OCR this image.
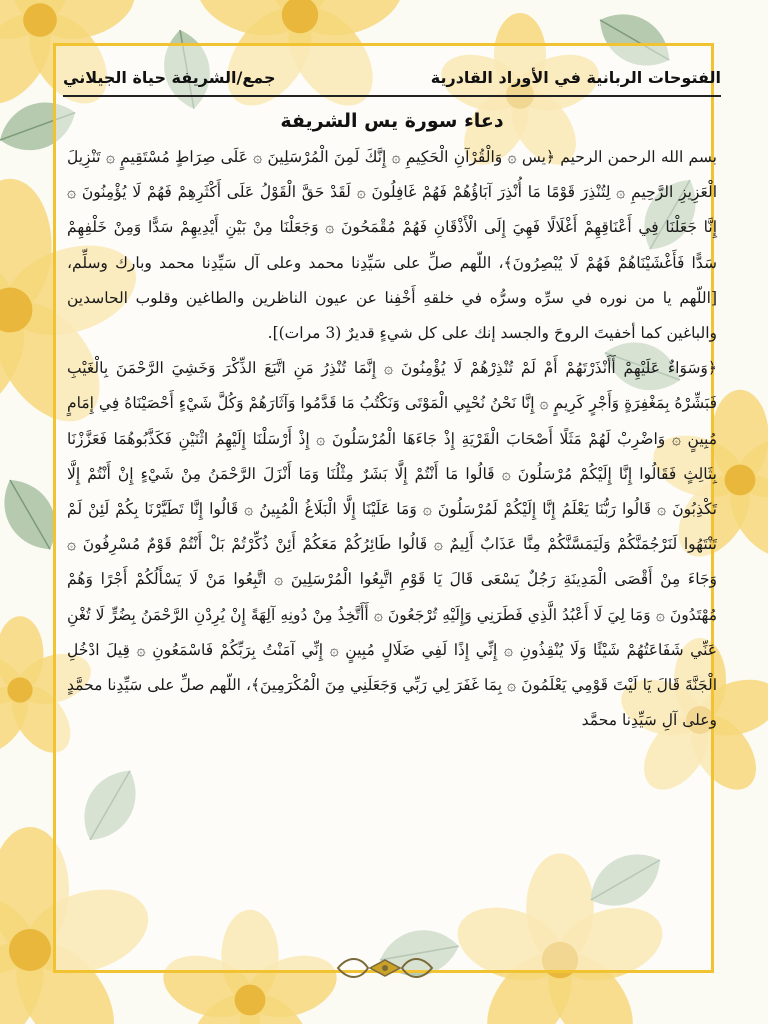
الفتوحات الربانية في الأوراد القادرية
جمع/الشريفة حياة الجيلاني
دعاء سورة يس الشريفة

بسم الله الرحمن الرحيم ﴿يس ۞ وَالْقُرْآنِ الْحَكِيمِ ۞ إِنَّكَ لَمِنَ الْمُرْسَلِينَ ۞ عَلَى صِرَاطٍ مُسْتَقِيمٍ ۞ تَنْزِيلَ الْعَزِيزِ الرَّحِيمِ ۞ لِتُنْذِرَ قَوْمًا مَا أُنْذِرَ آبَاؤُهُمْ فَهُمْ غَافِلُونَ ۞ لَقَدْ حَقَّ الْقَوْلُ عَلَى أَكْثَرِهِمْ فَهُمْ لَا يُؤْمِنُونَ ۞ إِنَّا جَعَلْنَا فِي أَعْنَاقِهِمْ أَغْلَالًا فَهِيَ إِلَى الْأَذْقَانِ فَهُمْ مُقْمَحُونَ ۞ وَجَعَلْنَا مِنْ بَيْنِ أَيْدِيهِمْ سَدًّا وَمِنْ خَلْفِهِمْ سَدًّا فَأَغْشَيْنَاهُمْ فَهُمْ لَا يُبْصِرُونَ﴾، اللّهم صلِّ على سَيِّدِنا محمد وعلى آل سَيِّدِنا محمد وبارك وسلِّم، [اللّهم يا من نوره في سرِّه وسرُّه في خلقهِ أَخْفِنا عن عيون الناظرين والطاغين وقلوب الحاسدين والباغين كما أخفيتَ الروحَ والجسد إنك على كل شيءٍ قديرٌ (3 مرات)].

﴿وَسَوَاءٌ عَلَيْهِمْ أَأَنْذَرْتَهُمْ أَمْ لَمْ تُنْذِرْهُمْ لَا يُؤْمِنُونَ ۞ إِنَّمَا تُنْذِرُ مَنِ اتَّبَعَ الذِّكْرَ وَخَشِيَ الرَّحْمَنَ بِالْغَيْبِ فَبَشِّرْهُ بِمَغْفِرَةٍ وَأَجْرٍ كَرِيمٍ ۞ إِنَّا نَحْنُ نُحْيِي الْمَوْتَى وَنَكْتُبُ مَا قَدَّمُوا وَآثَارَهُمْ وَكُلَّ شَيْءٍ أَحْصَيْنَاهُ فِي إِمَامٍ مُبِينٍ ۞ وَاضْرِبْ لَهُمْ مَثَلًا أَصْحَابَ الْقَرْيَةِ إِذْ جَاءَهَا الْمُرْسَلُونَ ۞ إِذْ أَرْسَلْنَا إِلَيْهِمُ اثْنَيْنِ فَكَذَّبُوهُمَا فَعَزَّزْنَا بِثَالِثٍ فَقَالُوا إِنَّا إِلَيْكُمْ مُرْسَلُونَ ۞ قَالُوا مَا أَنْتُمْ إِلَّا بَشَرٌ مِثْلُنَا وَمَا أَنْزَلَ الرَّحْمَنُ مِنْ شَيْءٍ إِنْ أَنْتُمْ إِلَّا تَكْذِبُونَ ۞ قَالُوا رَبُّنَا يَعْلَمُ إِنَّا إِلَيْكُمْ لَمُرْسَلُونَ ۞ وَمَا عَلَيْنَا إِلَّا الْبَلَاغُ الْمُبِينُ ۞ قَالُوا إِنَّا تَطَيَّرْنَا بِكُمْ لَئِنْ لَمْ تَنْتَهُوا لَنَرْجُمَنَّكُمْ وَلَيَمَسَّنَّكُمْ مِنَّا عَذَابٌ أَلِيمٌ ۞ قَالُوا طَائِرُكُمْ مَعَكُمْ أَئِنْ ذُكِّرْتُمْ بَلْ أَنْتُمْ قَوْمٌ مُسْرِفُونَ ۞ وَجَاءَ مِنْ أَقْصَى الْمَدِينَةِ رَجُلٌ يَسْعَى قَالَ يَا قَوْمِ اتَّبِعُوا الْمُرْسَلِينَ ۞ اتَّبِعُوا مَنْ لَا يَسْأَلُكُمْ أَجْرًا وَهُمْ مُهْتَدُونَ ۞ وَمَا لِيَ لَا أَعْبُدُ الَّذِي فَطَرَنِي وَإِلَيْهِ تُرْجَعُونَ ۞ أَأَتَّخِذُ مِنْ دُونِهِ آلِهَةً إِنْ يُرِدْنِ الرَّحْمَنُ بِضُرٍّ لَا تُغْنِ عَنِّي شَفَاعَتُهُمْ شَيْئًا وَلَا يُنْقِذُونِ ۞ إِنِّي إِذًا لَفِي ضَلَالٍ مُبِينٍ ۞ إِنِّي آمَنْتُ بِرَبِّكُمْ فَاسْمَعُونِ ۞ قِيلَ ادْخُلِ الْجَنَّةَ قَالَ يَا لَيْتَ قَوْمِي يَعْلَمُونَ ۞ بِمَا غَفَرَ لِي رَبِّي وَجَعَلَنِي مِنَ الْمُكْرَمِينَ﴾، اللّهم صلِّ على سَيِّدِنا محمَّدٍ وعلى آلِ سَيِّدِنا محمَّد
